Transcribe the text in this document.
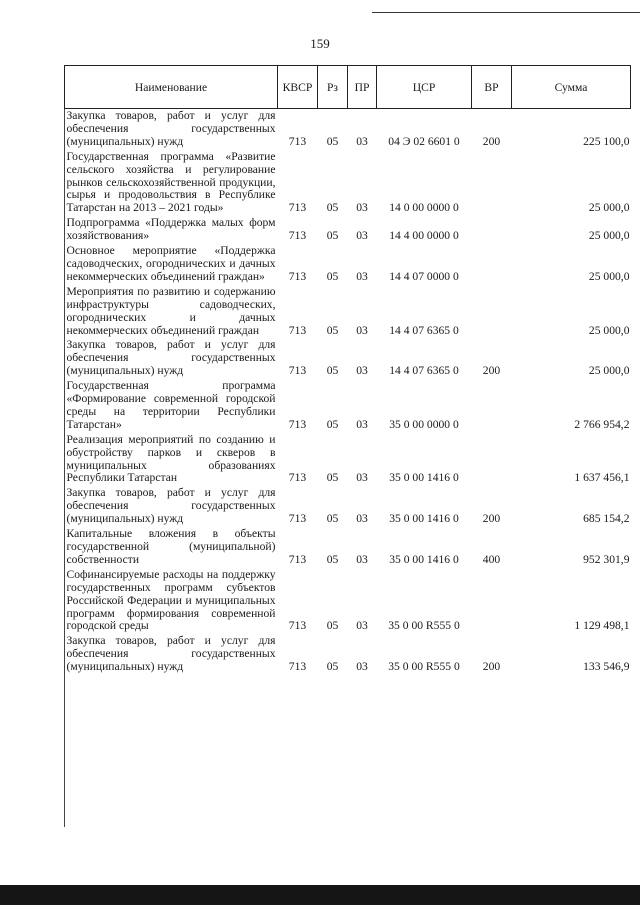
159
Наименование	КВСР	Рз	ПР	ЦСР	ВР	Сумма
Закупка товаров, работ и услуг для обеспечения государственных (муниципальных) нужд	713	05	03	04 Э 02 6601 0	200	225 100,0
Государственная программа «Развитие сельского хозяйства и регулирование рынков сельскохозяйственной продукции, сырья и продовольствия в Республике Татарстан на 2013 – 2021 годы»	713	05	03	14 0 00 0000 0		25 000,0
Подпрограмма «Поддержка малых форм хозяйствования»	713	05	03	14 4 00 0000 0		25 000,0
Основное мероприятие «Поддержка садоводческих, огороднических и дачных некоммерческих объединений граждан»	713	05	03	14 4 07 0000 0		25 000,0
Мероприятия по развитию и содержанию инфраструктуры садоводческих, огороднических и дачных некоммерческих объединений граждан	713	05	03	14 4 07 6365 0		25 000,0
Закупка товаров, работ и услуг для обеспечения государственных (муниципальных) нужд	713	05	03	14 4 07 6365 0	200	25 000,0
Государственная программа «Формирование современной городской среды на территории Республики Татарстан»	713	05	03	35 0 00 0000 0		2 766 954,2
Реализация мероприятий по созданию и обустройству парков и скверов в муниципальных образованиях Республики Татарстан	713	05	03	35 0 00 1416 0		1 637 456,1
Закупка товаров, работ и услуг для обеспечения государственных (муниципальных) нужд	713	05	03	35 0 00 1416 0	200	685 154,2
Капитальные вложения в объекты государственной (муниципальной) собственности	713	05	03	35 0 00 1416 0	400	952 301,9
Софинансируемые расходы на поддержку государственных программ субъектов Российской Федерации и муниципальных программ формирования современной городской среды	713	05	03	35 0 00 R555 0		1 129 498,1
Закупка товаров, работ и услуг для обеспечения государственных (муниципальных) нужд	713	05	03	35 0 00 R555 0	200	133 546,9
